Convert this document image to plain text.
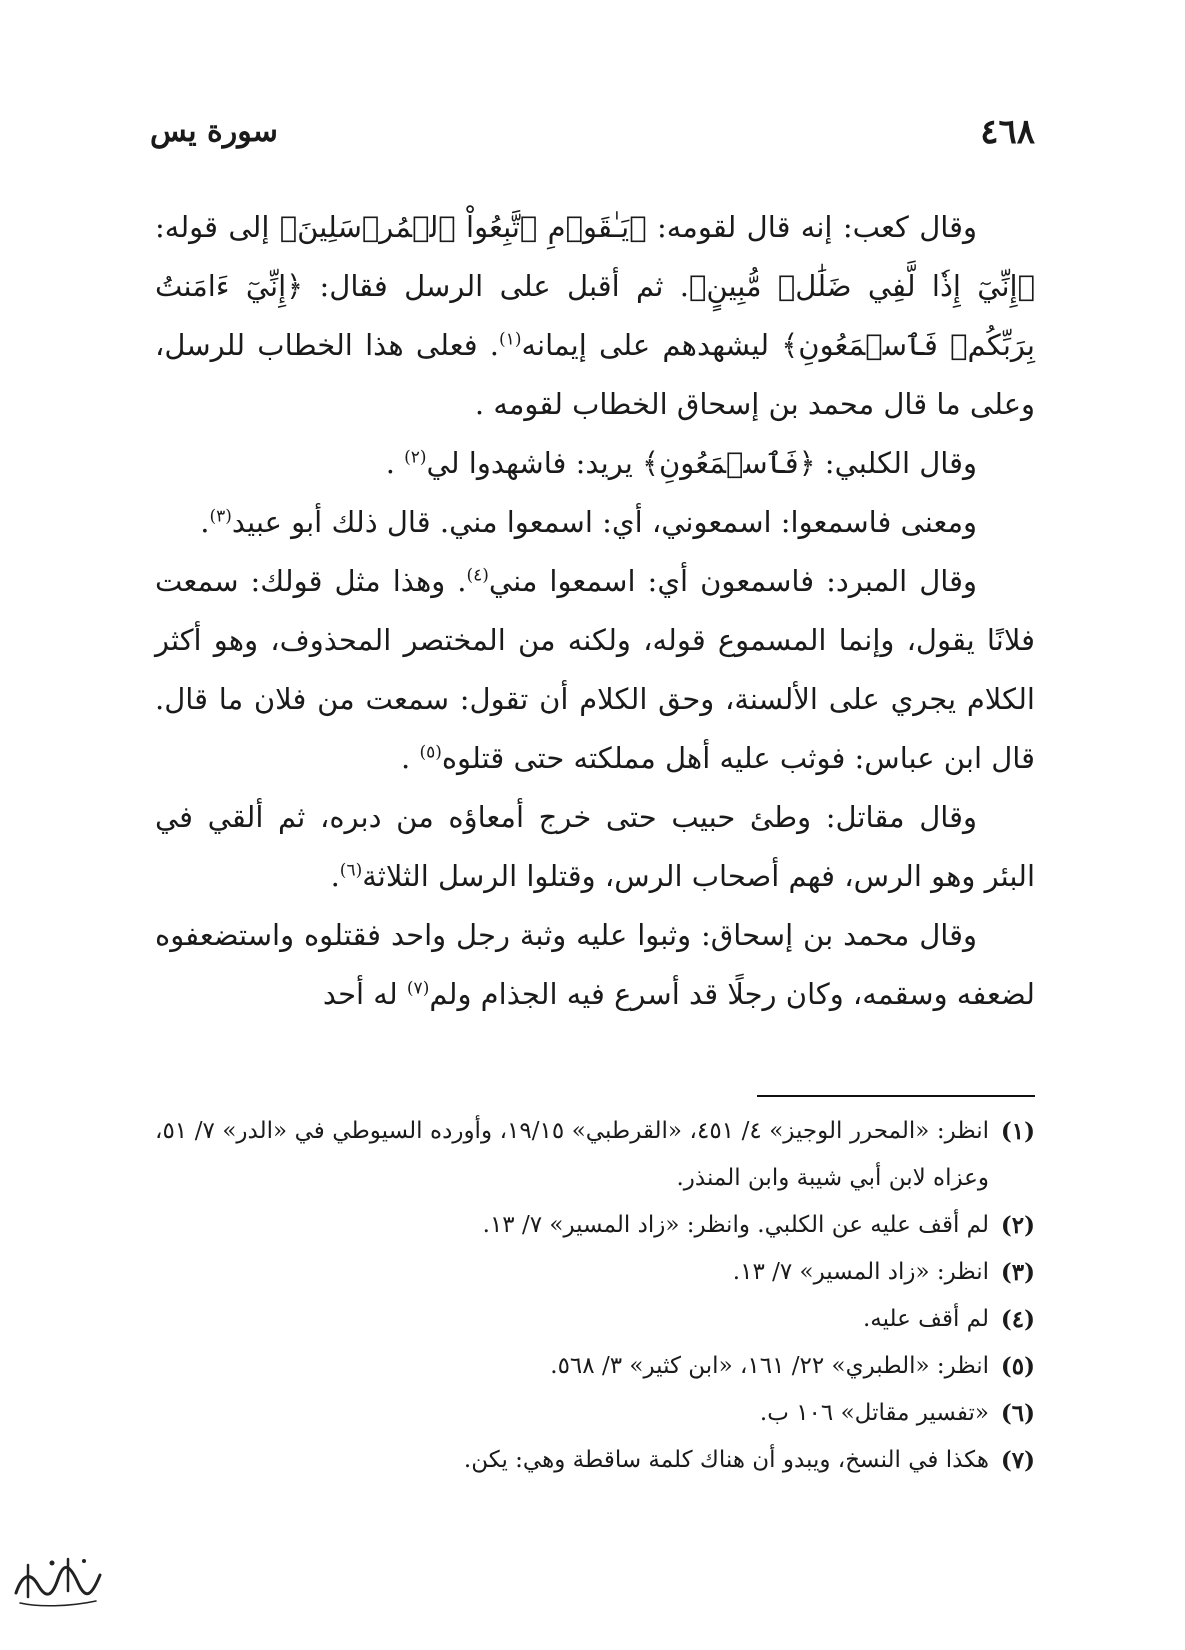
٤٦٨
سورة يس

وقال كعب: إنه قال لقومه: ﴿يَـٰقَوۡمِ ٱتَّبِعُواْ ٱلۡمُرۡسَلِينَ﴾ إلى قوله: ﴿إِنِّيٓ إِذٗا لَّفِي ضَلَٰلٖ مُّبِينٍ﴾. ثم أقبل على الرسل فقال: ﴿إِنِّيٓ ءَامَنتُ بِرَبِّكُمۡ فَٱسۡمَعُونِ﴾ ليشهدهم على إيمانه$^{(١)}$. فعلى هذا الخطاب للرسل، وعلى ما قال محمد بن إسحاق الخطاب لقومه .

وقال الكلبي: ﴿فَٱسۡمَعُونِ﴾ يريد: فاشهدوا لي$^{(٢)}$ .

ومعنى فاسمعوا: اسمعوني، أي: اسمعوا مني. قال ذلك أبو عبيد$^{(٣)}$.

وقال المبرد: فاسمعون أي: اسمعوا مني$^{(٤)}$. وهذا مثل قولك: سمعت فلانًا يقول، وإنما المسموع قوله، ولكنه من المختصر المحذوف، وهو أكثر الكلام يجري على الألسنة، وحق الكلام أن تقول: سمعت من فلان ما قال. قال ابن عباس: فوثب عليه أهل مملكته حتى قتلوه$^{(٥)}$ .

وقال مقاتل: وطئ حبيب حتى خرج أمعاؤه من دبره، ثم ألقي في البئر وهو الرس، فهم أصحاب الرس، وقتلوا الرسل الثلاثة$^{(٦)}$.

وقال محمد بن إسحاق: وثبوا عليه وثبة رجل واحد فقتلوه واستضعفوه لضعفه وسقمه، وكان رجلًا قد أسرع فيه الجذام ولم$^{(٧)}$ له أحد

(١)
انظر: «المحرر الوجيز» ٤/ ٤٥١، «القرطبي» ١٩/١٥، وأورده السيوطي في «الدر» ٧/ ٥١، وعزاه لابن أبي شيبة وابن المنذر.
(٢)
لم أقف عليه عن الكلبي. وانظر: «زاد المسير» ٧/ ١٣.
(٣)
انظر: «زاد المسير» ٧/ ١٣.
(٤)
لم أقف عليه.
(٥)
انظر: «الطبري» ٢٢/ ١٦١، «ابن كثير» ٣/ ٥٦٨.
(٦)
«تفسير مقاتل» ١٠٦ ب.
(٧)
هكذا في النسخ، ويبدو أن هناك كلمة ساقطة وهي: يكن.
